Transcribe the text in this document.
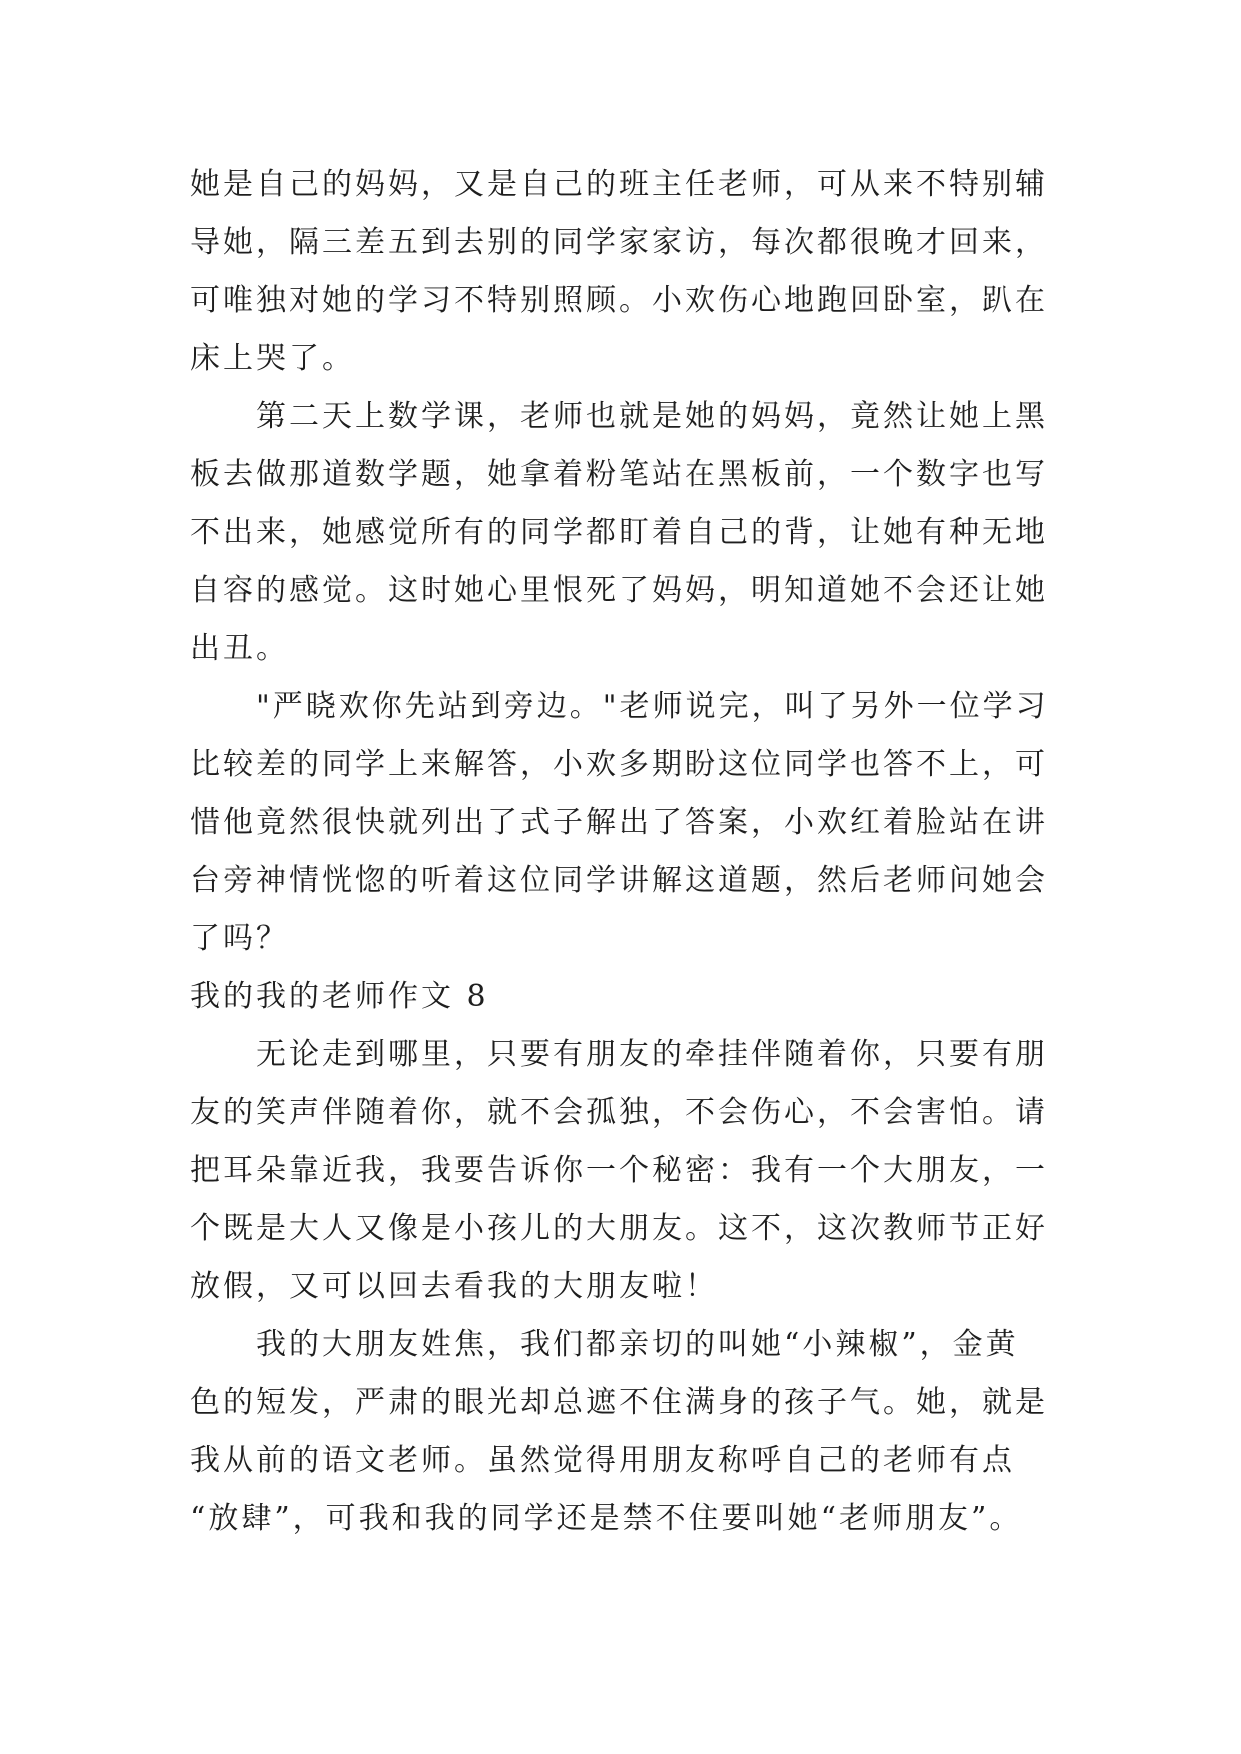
她是自己的妈妈，又是自己的班主任老师，可从来不特别辅
导她，隔三差五到去别的同学家家访，每次都很晚才回来，
可唯独对她的学习不特别照顾。小欢伤心地跑回卧室，趴在
床上哭了。
第二天上数学课，老师也就是她的妈妈，竟然让她上黑
板去做那道数学题，她拿着粉笔站在黑板前，一个数字也写
不出来，她感觉所有的同学都盯着自己的背，让她有种无地
自容的感觉。这时她心里恨死了妈妈，明知道她不会还让她
出丑。
"严晓欢你先站到旁边。"老师说完，叫了另外一位学习
比较差的同学上来解答，小欢多期盼这位同学也答不上，可
惜他竟然很快就列出了式子解出了答案，小欢红着脸站在讲
台旁神情恍惚的听着这位同学讲解这道题，然后老师问她会
了吗？
我的我的老师作文 8
无论走到哪里，只要有朋友的牵挂伴随着你，只要有朋
友的笑声伴随着你，就不会孤独，不会伤心，不会害怕。请
把耳朵靠近我，我要告诉你一个秘密：我有一个大朋友，一
个既是大人又像是小孩儿的大朋友。这不，这次教师节正好
放假，又可以回去看我的大朋友啦！
我的大朋友姓焦，我们都亲切的叫她“小辣椒”，金黄
色的短发，严肃的眼光却总遮不住满身的孩子气。她，就是
我从前的语文老师。虽然觉得用朋友称呼自己的老师有点
“放肆”，可我和我的同学还是禁不住要叫她“老师朋友”。
